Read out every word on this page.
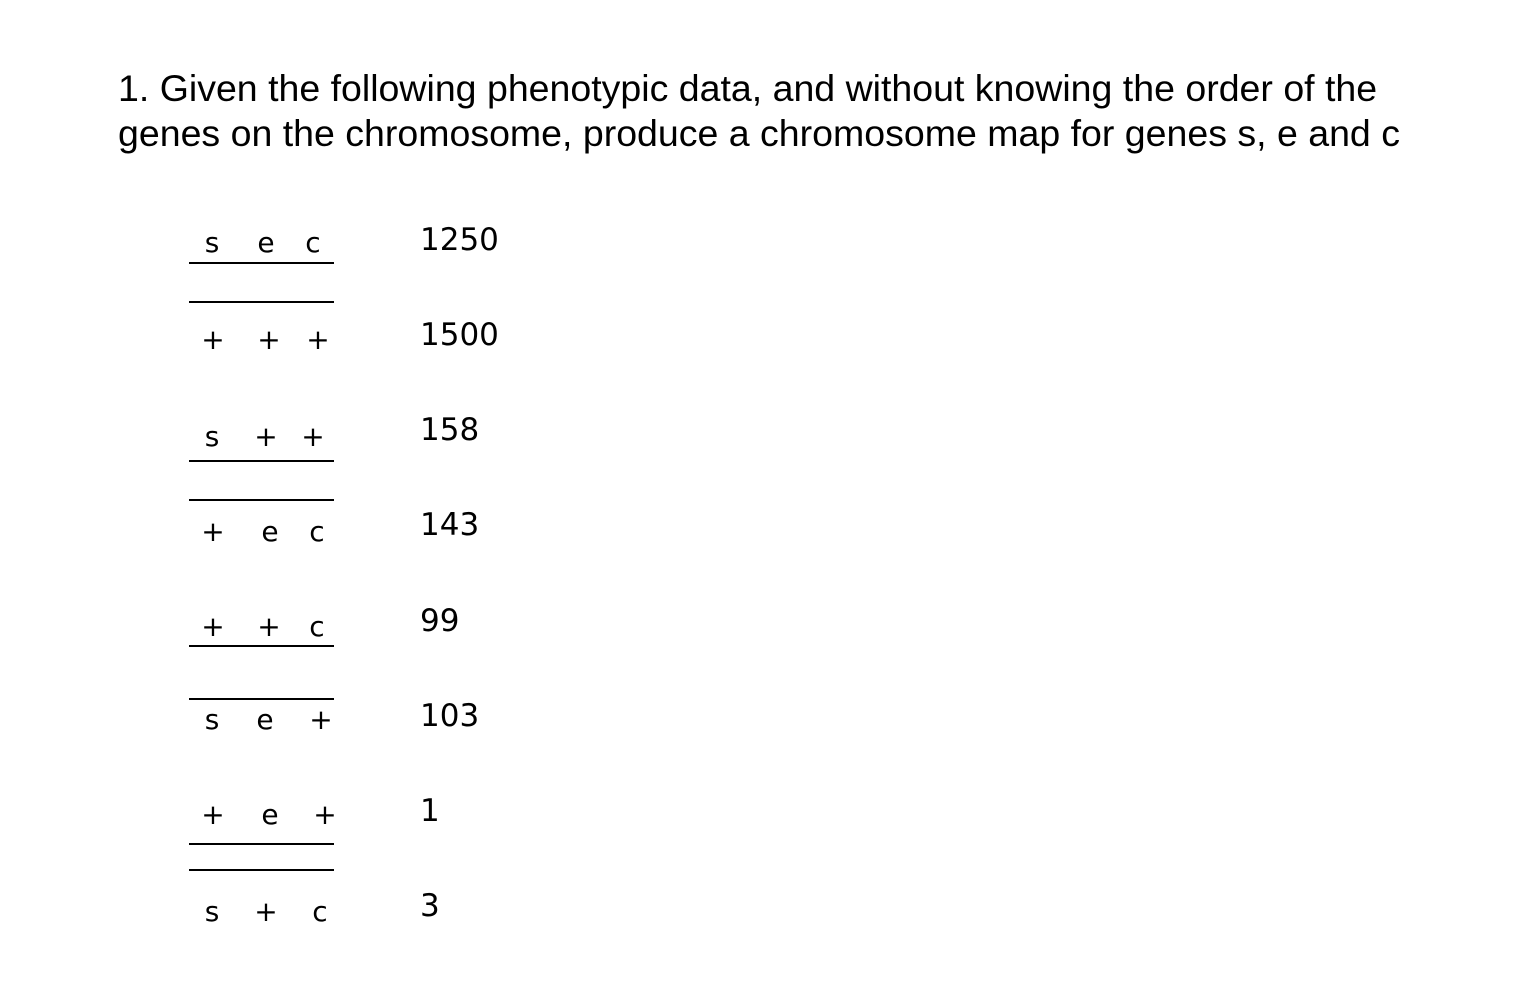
1. Given the following phenotypic data, and without knowing the order of the
genes on the chromosome, produce a chromosome map for genes s, e and c
s e c	1250
+ + +	1500
s + +	158
+ e c	143
+ + c	99
s e +	103
+ e +	1
s + c	3
